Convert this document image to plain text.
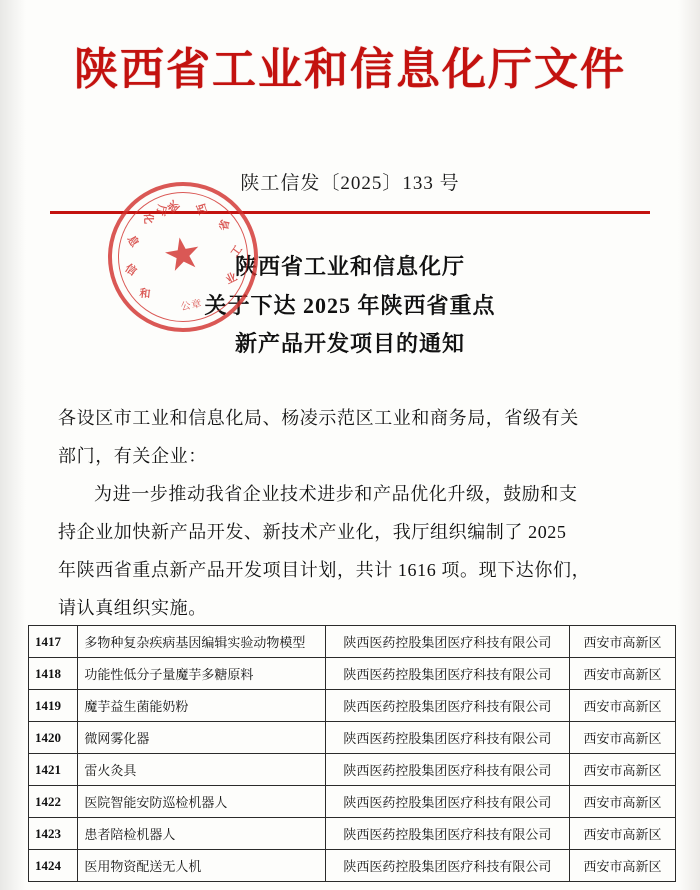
陕西省工业和信息化厅文件
★
陕 西
省
工
业
和
信
息
化
厅
公章
陕工信发〔2025〕133 号
陕西省工业和信息化厅
关于下达 2025 年陕西省重点
新产品开发项目的通知

各设区市工业和信息化局、杨凌示范区工业和商务局，省级有关

部门，有关企业：

为进一步推动我省企业技术进步和产品优化升级，鼓励和支

持企业加快新产品开发、新技术产业化，我厅组织编制了 2025

年陕西省重点新产品开发项目计划，共计 1616 项。现下达你们，

请认真组织实施。

1417	多物种复杂疾病基因编辑实验动物模型	陕西医药控股集团医疗科技有限公司	西安市高新区
1418	功能性低分子量魔芋多糖原料	陕西医药控股集团医疗科技有限公司	西安市高新区
1419	魔芋益生菌能奶粉	陕西医药控股集团医疗科技有限公司	西安市高新区
1420	微网雾化器	陕西医药控股集团医疗科技有限公司	西安市高新区
1421	雷火灸具	陕西医药控股集团医疗科技有限公司	西安市高新区
1422	医院智能安防巡检机器人	陕西医药控股集团医疗科技有限公司	西安市高新区
1423	患者陪检机器人	陕西医药控股集团医疗科技有限公司	西安市高新区
1424	医用物资配送无人机	陕西医药控股集团医疗科技有限公司	西安市高新区
